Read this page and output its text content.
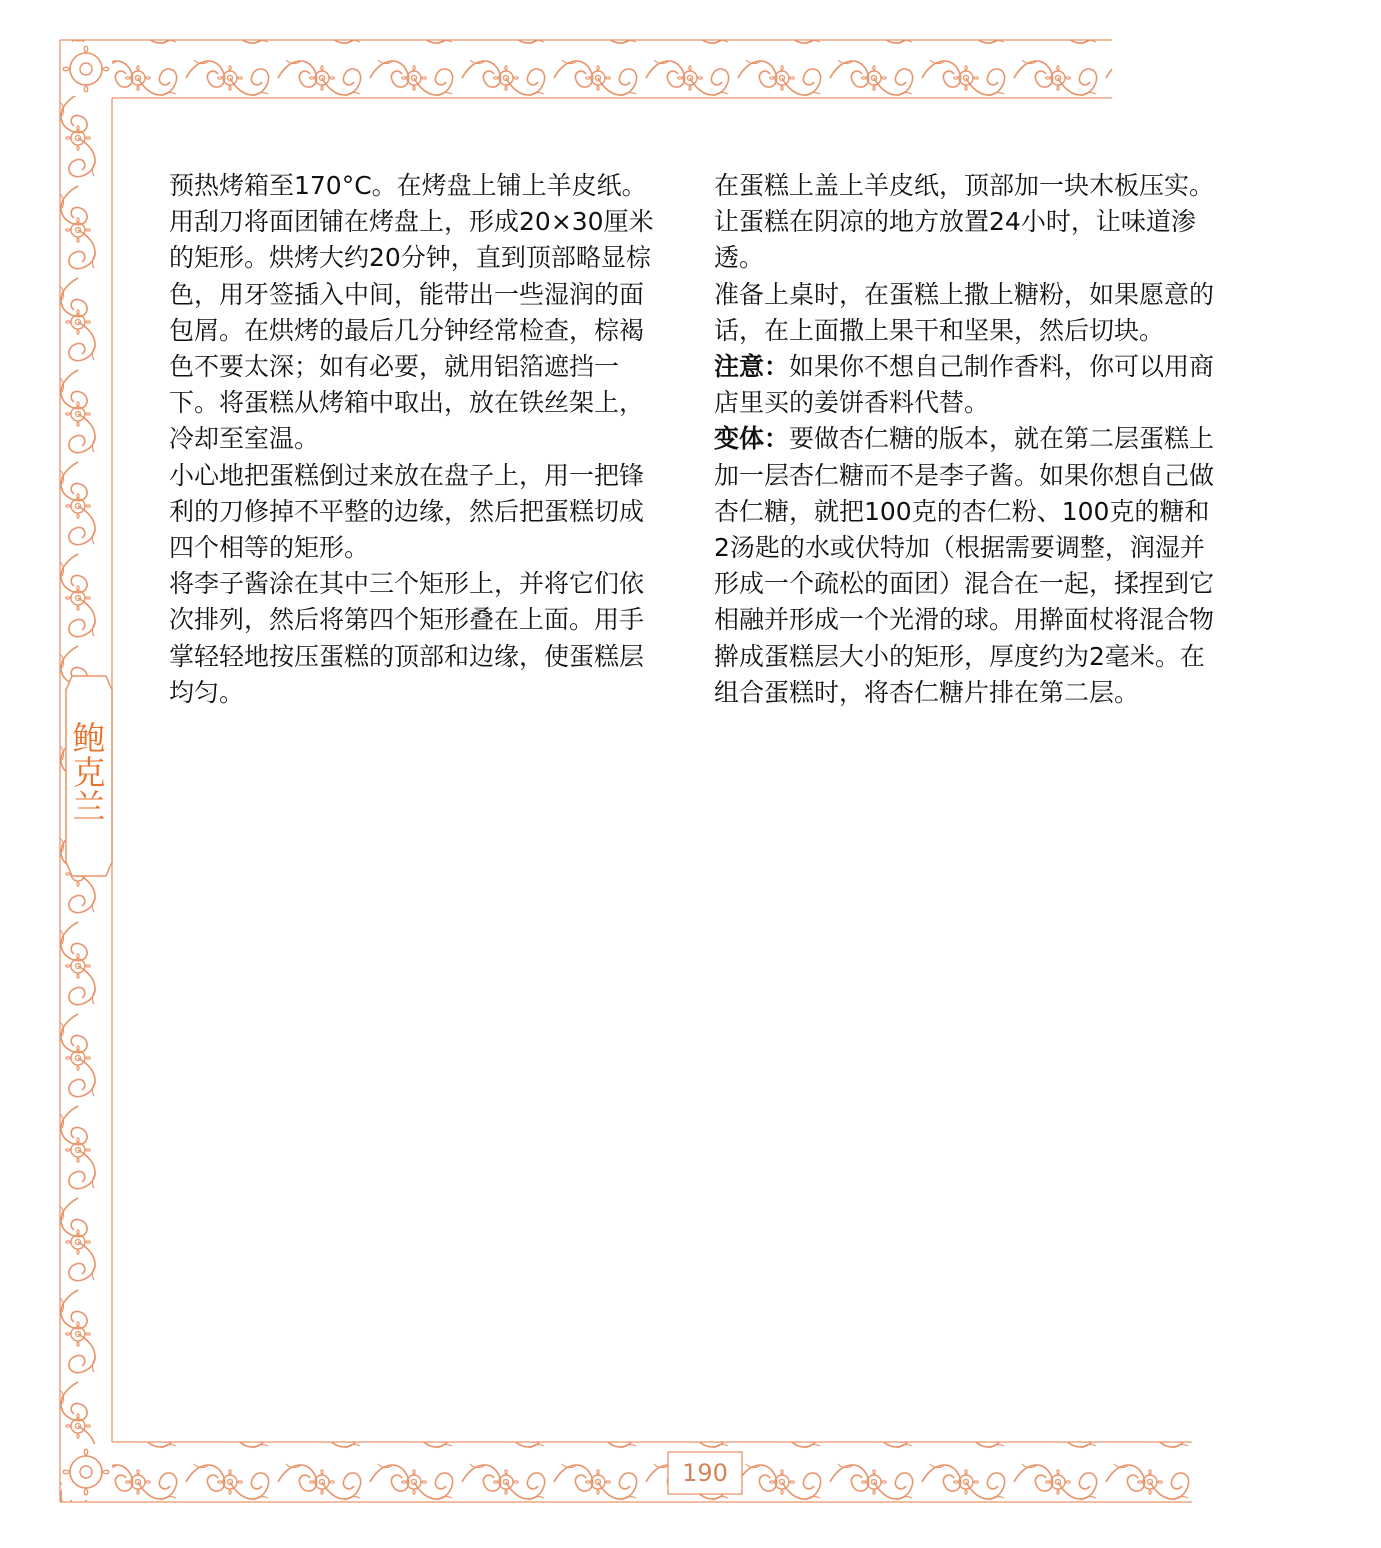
鲍克兰
190

预热烤箱至170°C。在烤盘上铺上羊皮纸。

用刮刀将面团铺在烤盘上，形成20×30厘米的矩形。烘烤大约20分钟，直到顶部略显棕色，用牙签插入中间，能带出一些湿润的面包屑。在烘烤的最后几分钟经常检查，棕褐色不要太深；如有必要，就用铝箔遮挡一下。将蛋糕从烤箱中取出，放在铁丝架上，冷却至室温。

小心地把蛋糕倒过来放在盘子上，用一把锋利的刀修掉不平整的边缘，然后把蛋糕切成四个相等的矩形。

将李子酱涂在其中三个矩形上，并将它们依次排列，然后将第四个矩形叠在上面。用手掌轻轻地按压蛋糕的顶部和边缘，使蛋糕层均匀。

在蛋糕上盖上羊皮纸，顶部加一块木板压实。让蛋糕在阴凉的地方放置24小时，让味道渗透。

准备上桌时，在蛋糕上撒上糖粉，如果愿意的话，在上面撒上果干和坚果，然后切块。

注意：如果你不想自己制作香料，你可以用商店里买的姜饼香料代替。

变体：要做杏仁糖的版本，就在第二层蛋糕上加一层杏仁糖而不是李子酱。如果你想自己做杏仁糖，就把100克的杏仁粉、100克的糖和2汤匙的水或伏特加（根据需要调整，润湿并形成一个疏松的面团）混合在一起，揉捏到它相融并形成一个光滑的球。用擀面杖将混合物擀成蛋糕层大小的矩形，厚度约为2毫米。在组合蛋糕时，将杏仁糖片排在第二层。
